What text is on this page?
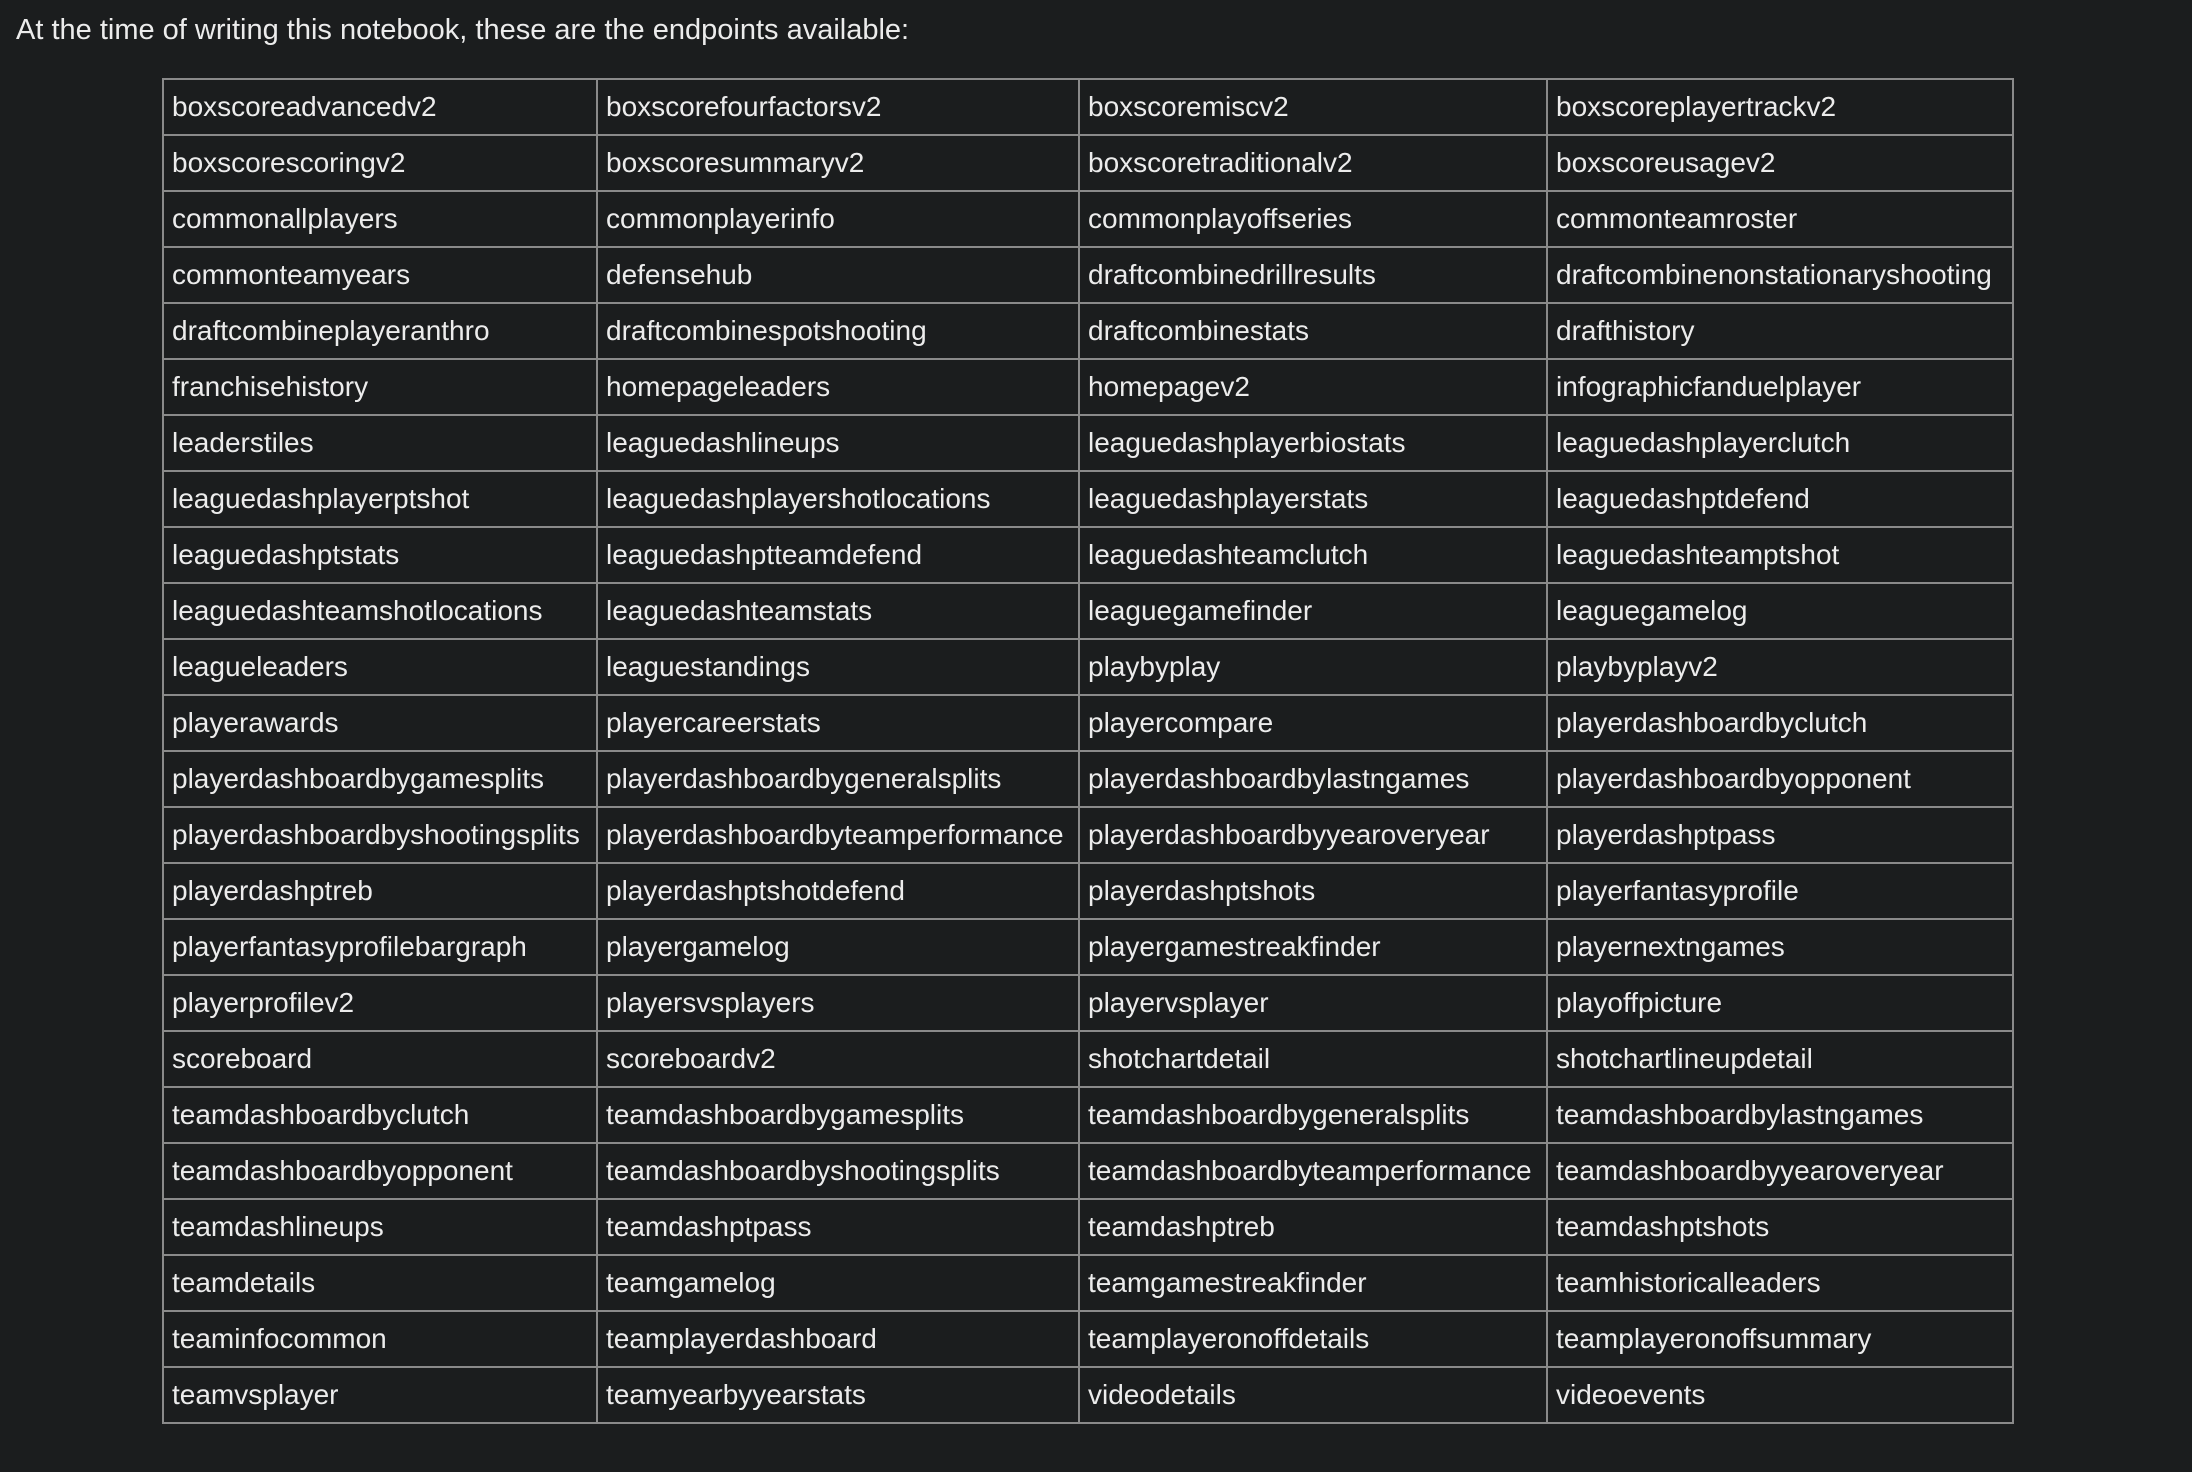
At the time of writing this notebook, these are the endpoints available:
boxscoreadvancedv2	boxscorefourfactorsv2	boxscoremiscv2	boxscoreplayertrackv2
boxscorescoringv2	boxscoresummaryv2	boxscoretraditionalv2	boxscoreusagev2
commonallplayers	commonplayerinfo	commonplayoffseries	commonteamroster
commonteamyears	defensehub	draftcombinedrillresults	draftcombinenonstationaryshooting
draftcombineplayeranthro	draftcombinespotshooting	draftcombinestats	drafthistory
franchisehistory	homepageleaders	homepagev2	infographicfanduelplayer
leaderstiles	leaguedashlineups	leaguedashplayerbiostats	leaguedashplayerclutch
leaguedashplayerptshot	leaguedashplayershotlocations	leaguedashplayerstats	leaguedashptdefend
leaguedashptstats	leaguedashptteamdefend	leaguedashteamclutch	leaguedashteamptshot
leaguedashteamshotlocations	leaguedashteamstats	leaguegamefinder	leaguegamelog
leagueleaders	leaguestandings	playbyplay	playbyplayv2
playerawards	playercareerstats	playercompare	playerdashboardbyclutch
playerdashboardbygamesplits	playerdashboardbygeneralsplits	playerdashboardbylastngames	playerdashboardbyopponent
playerdashboardbyshootingsplits	playerdashboardbyteamperformance	playerdashboardbyyearoveryear	playerdashptpass
playerdashptreb	playerdashptshotdefend	playerdashptshots	playerfantasyprofile
playerfantasyprofilebargraph	playergamelog	playergamestreakfinder	playernextngames
playerprofilev2	playersvsplayers	playervsplayer	playoffpicture
scoreboard	scoreboardv2	shotchartdetail	shotchartlineupdetail
teamdashboardbyclutch	teamdashboardbygamesplits	teamdashboardbygeneralsplits	teamdashboardbylastngames
teamdashboardbyopponent	teamdashboardbyshootingsplits	teamdashboardbyteamperformance	teamdashboardbyyearoveryear
teamdashlineups	teamdashptpass	teamdashptreb	teamdashptshots
teamdetails	teamgamelog	teamgamestreakfinder	teamhistoricalleaders
teaminfocommon	teamplayerdashboard	teamplayeronoffdetails	teamplayeronoffsummary
teamvsplayer	teamyearbyyearstats	videodetails	videoevents
